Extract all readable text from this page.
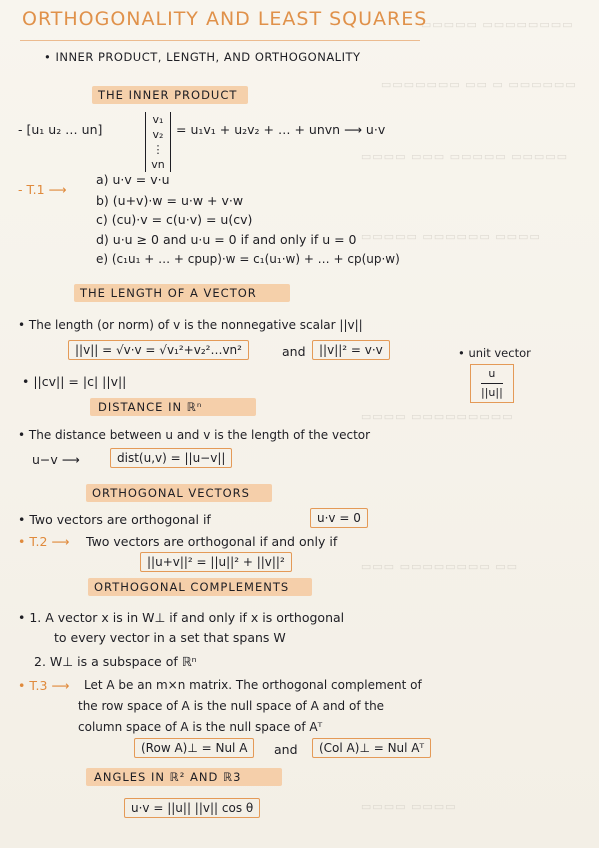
▭▭▭▭▭▭▭▭ ▭▭▭▭▭
▭▭▭▭▭▭ ▭ ▭▭ ▭▭▭▭▭▭▭
▭▭▭▭▭ ▭▭▭▭▭ ▭▭▭ ▭▭▭▭
▭▭▭▭ ▭▭▭▭▭▭ ▭▭▭▭▭
▭▭▭▭▭▭▭▭▭ ▭▭▭▭
▭▭ ▭▭▭▭▭▭▭▭ ▭▭▭
▭▭▭▭ ▭▭▭▭
ORTHOGONALITY AND LEAST SQUARES
• INNER PRODUCT, LENGTH, AND ORTHOGONALITY
THE INNER PRODUCT
- [u₁ u₂ … un]
v₁
v₂
⋮
vn
= u₁v₁ + u₂v₂ + … + unvn ⟶ u·v
- T.1 ⟶
a) u·v = v·u
b) (u+v)·w = u·w + v·w
c) (cu)·v = c(u·v) = u(cv)
d) u·u ≥ 0 and u·u = 0 if and only if u = 0
e) (c₁u₁ + … + cpup)·w = c₁(u₁·w) + … + cp(up·w)
THE LENGTH OF A VECTOR
• The length (or norm) of v is the nonnegative scalar ||v||
||v|| = √v·v = √v₁²+v₂²…vn²	and	||v||² = v·v	• unit vector
$\frac{u}{||u||}$
• ||cv|| = |c| ||v||
DISTANCE IN ℝⁿ
• The distance between u and v is the length of the vector
u−v ⟶	dist(u,v) = ||u−v||
ORTHOGONAL VECTORS
• Two vectors are orthogonal if	u·v = 0
• T.2 ⟶ Two vectors are orthogonal if and only if
||u+v||² = ||u||² + ||v||²
ORTHOGONAL COMPLEMENTS
• 1. A vector x is in W⊥ if and only if x is orthogonal
to every vector in a set that spans W
2. W⊥ is a subspace of ℝⁿ
• T.3 ⟶ Let A be an m×n matrix. The orthogonal complement of
the row space of A is the null space of A and of the
column space of A is the null space of Aᵀ
(Row A)⊥ = Nul A	and	(Col A)⊥ = Nul Aᵀ
ANGLES IN ℝ² AND ℝ3
u·v = ||u|| ||v|| cos θ
